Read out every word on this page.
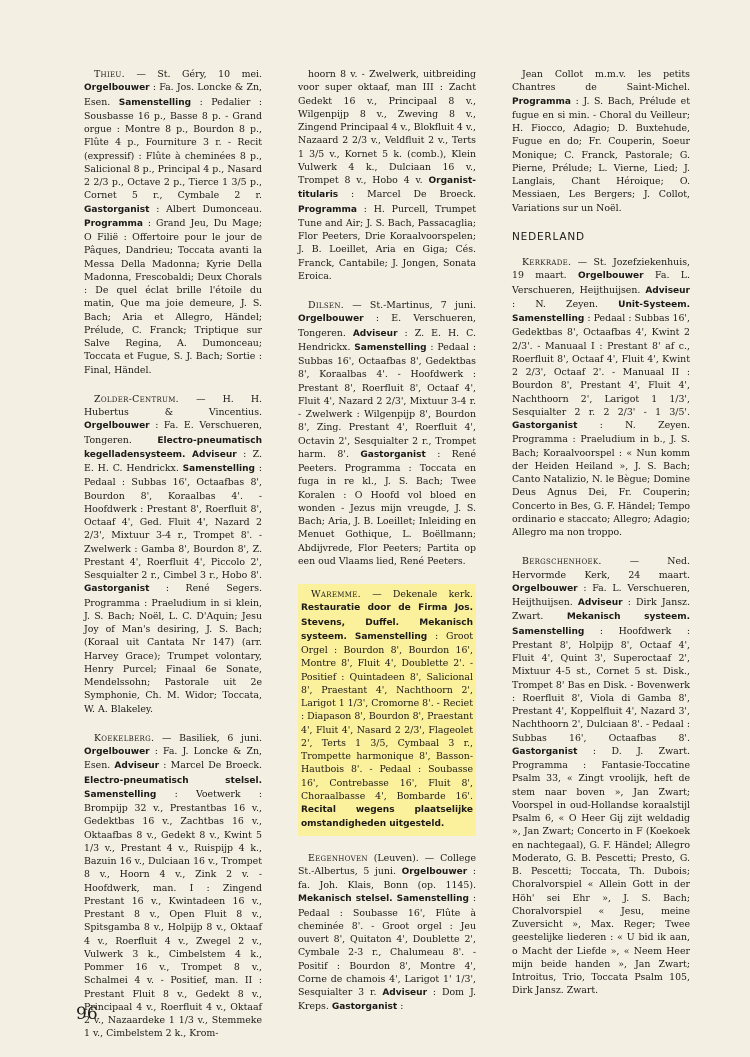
Thieu. — St. Géry, 10 mei. Orgelbouwer : Fa. Jos. Loncke & Zn, Esen. Samenstelling : Pedalier : Sousbasse 16 p., Basse 8 p. - Grand orgue : Montre 8 p., Bourdon 8 p., Flûte 4 p., Fourniture 3 r. - Recit (expressif) : Flûte à cheminées 8 p., Salicional 8 p., Principal 4 p., Nasard 2 2/3 p., Octave 2 p., Tierce 1 3/5 p., Cornet 5 r., Cymbale 2 r. Gastorganist : Albert Dumonceau. Programma : Grand Jeu, Du Mage; O Filië : Offertoire pour le jour de Pâques, Dandrieu; Toccata avanti la Messa Della Madonna; Kyrie Della Madonna, Frescobaldi; Deux Chorals : De quel éclat brille l'étoile du matin, Que ma joie demeure, J. S. Bach; Aria et Allegro, Händel; Prélude, C. Franck; Triptique sur Salve Regina, A. Dumonceau; Toccata et Fugue, S. J. Bach; Sortie : Final, Händel.

Zolder-Centrum. — H. H. Hubertus & Vincentius. Orgelbouwer : Fa. E. Verschueren, Tongeren. Electro-pneumatisch kegelladensysteem. Adviseur : Z. E. H. C. Hendrickx. Samenstelling : Pedaal : Subbas 16', Octaafbas 8', Bourdon 8', Koraalbas 4'. - Hoofdwerk : Prestant 8', Roerfluit 8', Octaaf 4', Ged. Fluit 4', Nazard 2 2/3', Mixtuur 3-4 r., Trompet 8'. - Zwelwerk : Gamba 8', Bourdon 8', Z. Prestant 4', Roerfluit 4', Piccolo 2', Sesquialter 2 r., Cimbel 3 r., Hobo 8'. Gastorganist : René Segers. Programma : Praeludium in si klein, J. S. Bach; Noël, L. C. D'Aquin; Jesu Joy of Man's desiring, J. S. Bach; (Koraal uit Cantata Nr 147) (arr. Harvey Grace); Trumpet volontary, Henry Purcel; Finaal 6e Sonate, Mendelssohn; Pastorale uit 2e Symphonie, Ch. M. Widor; Toccata, W. A. Blakeley.

Koekelberg. — Basiliek, 6 juni. Orgelbouwer : Fa. J. Loncke & Zn, Esen. Adviseur : Marcel De Broeck. Electro-pneumatisch stelsel. Samenstelling : Voetwerk : Brompijp 32 v., Prestantbas 16 v., Gedektbas 16 v., Zachtbas 16 v., Oktaafbas 8 v., Gedekt 8 v., Kwint 5 1/3 v., Prestant 4 v., Ruispijp 4 k., Bazuin 16 v., Dulciaan 16 v., Trompet 8 v., Hoorn 4 v., Zink 2 v. - Hoofdwerk, man. I : Zingend Prestant 16 v., Kwintadeen 16 v., Prestant 8 v., Open Fluit 8 v., Spitsgamba 8 v., Holpijp 8 v., Oktaaf 4 v., Roerfluit 4 v., Zwegel 2 v., Vulwerk 3 k., Cimbelstem 4 k., Pommer 16 v., Trompet 8 v., Schalmei 4 v. - Positief, man. II : Prestant Fluit 8 v., Gedekt 8 v., Principaal 4 v., Roerfluit 4 v., Oktaaf 2 v., Nazaardeke 1 1/3 v., Stemmeke 1 v., Cimbelstem 2 k., Krom-

hoorn 8 v. - Zwelwerk, uitbreiding voor super oktaaf, man III : Zacht Gedekt 16 v., Principaal 8 v., Wilgenpijp 8 v., Zweving 8 v., Zingend Principaal 4 v., Blokfluit 4 v., Nazaard 2 2/3 v., Veldfluit 2 v., Terts 1 3/5 v., Kornet 5 k. (comb.), Klein Vulwerk 4 k., Dulciaan 16 v., Trompet 8 v., Hobo 4 v. Organist-titularis : Marcel De Broeck. Programma : H. Purcell, Trumpet Tune and Air; J. S. Bach, Passacaglia; Flor Peeters, Drie Koraalvoorspelen; J. B. Loeillet, Aria en Giga; Cés. Franck, Cantabile; J. Jongen, Sonata Eroica.

Dilsen. — St.-Martinus, 7 juni. Orgelbouwer : E. Verschueren, Tongeren. Adviseur : Z. E. H. C. Hendrickx. Samenstelling : Pedaal : Subbas 16', Octaafbas 8', Gedektbas 8', Koraalbas 4'. - Hoofdwerk : Prestant 8', Roerfluit 8', Octaaf 4', Fluit 4', Nazard 2 2/3', Mixtuur 3-4 r. - Zwelwerk : Wilgenpijp 8', Bourdon 8', Zing. Prestant 4', Roerfluit 4', Octavin 2', Sesquialter 2 r., Trompet harm. 8'. Gastorganist : René Peeters. Programma : Toccata en fuga in re kl., J. S. Bach; Twee Koralen : O Hoofd vol bloed en wonden - Jezus mijn vreugde, J. S. Bach; Aria, J. B. Loeillet; Inleiding en Menuet Gothique, L. Boëllmann; Abdijvrede, Flor Peeters; Partita op een oud Vlaams lied, René Peeters.

Waremme. — Dekenale kerk. Restauratie door de Firma Jos. Stevens, Duffel. Mekanisch systeem. Samenstelling : Groot Orgel : Bourdon 8', Bourdon 16', Montre 8', Fluit 4', Doublette 2'. - Positief : Quintadeen 8', Salicional 8', Praestant 4', Nachthoorn 2', Larigot 1 1/3', Cromorne 8'. - Reciet : Diapason 8', Bourdon 8', Praestant 4', Fluit 4', Nasard 2 2/3', Flageolet 2', Terts 1 3/5, Cymbaal 3 r., Trompette harmonique 8', Basson-Hautbois 8'. - Pedaal : Soubasse 16', Contrebasse 16', Fluit 8', Choraalbasse 4', Bombarde 16'. Recital wegens plaatselijke omstandigheden uitgesteld.

Eegenhoven (Leuven). — College St.-Albertus, 5 juni. Orgelbouwer : fa. Joh. Klais, Bonn (op. 1145). Mekanisch stelsel. Samenstelling : Pedaal : Soubasse 16', Flûte à cheminée 8'. - Groot orgel : Jeu ouvert 8', Quitaton 4', Doublette 2', Cymbale 2-3 r., Chalumeau 8'. - Positif : Bourdon 8', Montre 4', Corne de chamois 4', Larigot 1' 1/3', Sesquialter 3 r. Adviseur : Dom J. Kreps. Gastorganist :

Jean Collot m.m.v. les petits Chantres de Saint-Michel. Programma : J. S. Bach, Prélude et fugue en si min. - Choral du Veilleur; H. Fiocco, Adagio; D. Buxtehude, Fugue en do; Fr. Couperin, Soeur Monique; C. Franck, Pastorale; G. Pierne, Prélude; L. Vierne, Lied; J. Langlais, Chant Héroique; O. Messiaen, Les Bergers; J. Collot, Variations sur un Noël.

NEDERLAND

Kerkrade. — St. Jozefziekenhuis, 19 maart. Orgelbouwer Fa. L. Verschueren, Heijthuijsen. Adviseur : N. Zeyen. Unit-Systeem. Samenstelling : Pedaal : Subbas 16', Gedektbas 8', Octaafbas 4', Kwint 2 2/3'. - Manuaal I : Prestant 8' af c., Roerfluit 8', Octaaf 4', Fluit 4', Kwint 2 2/3', Octaaf 2'. - Manuaal II : Bourdon 8', Prestant 4', Fluit 4', Nachthoorn 2', Larigot 1 1/3', Sesquialter 2 r. 2 2/3' - 1 3/5'. Gastorganist : N. Zeyen. Programma : Praeludium in b., J. S. Bach; Koraalvoorspel : « Nun komm der Heiden Heiland », J. S. Bach; Canto Natalizio, N. le Bègue; Domine Deus Agnus Dei, Fr. Couperin; Concerto in Bes, G. F. Händel; Tempo ordinario e staccato; Allegro; Adagio; Allegro ma non troppo.

Bergschenhoek. — Ned. Hervormde Kerk, 24 maart. Orgelbouwer : Fa. L. Verschueren, Heijthuijsen. Adviseur : Dirk Jansz. Zwart. Mekanisch systeem. Samenstelling : Hoofdwerk : Prestant 8', Holpijp 8', Octaaf 4', Fluit 4', Quint 3', Superoctaaf 2', Mixtuur 4-5 st., Cornet 5 st. Disk., Trompet 8' Bas en Disk. - Bovenwerk : Roerfluit 8', Viola di Gamba 8', Prestant 4', Koppelfluit 4', Nazard 3', Nachthoorn 2', Dulciaan 8'. - Pedaal : Subbas 16', Octaafbas 8'. Gastorganist : D. J. Zwart. Programma : Fantasie-Toccatine Psalm 33, « Zingt vroolijk, heft de stem naar boven », Jan Zwart; Voorspel in oud-Hollandse koraalstijl Psalm 6, « O Heer Gij zijt weldadig », Jan Zwart; Concerto in F (Koekoek en nachtegaal), G. F. Händel; Allegro Moderato, G. B. Pescetti; Presto, G. B. Pescetti; Toccata, Th. Dubois; Choralvorspiel « Allein Gott in der Höh' sei Ehr », J. S. Bach; Choralvorspiel « Jesu, meine Zuversicht », Max. Reger; Twee geestelijke liederen : « U bid ik aan, o Macht der Liefde », « Neem Heer mijn beide handen », Jan Zwart; Introitus, Trio, Toccata Psalm 105, Dirk Jansz. Zwart.

96
